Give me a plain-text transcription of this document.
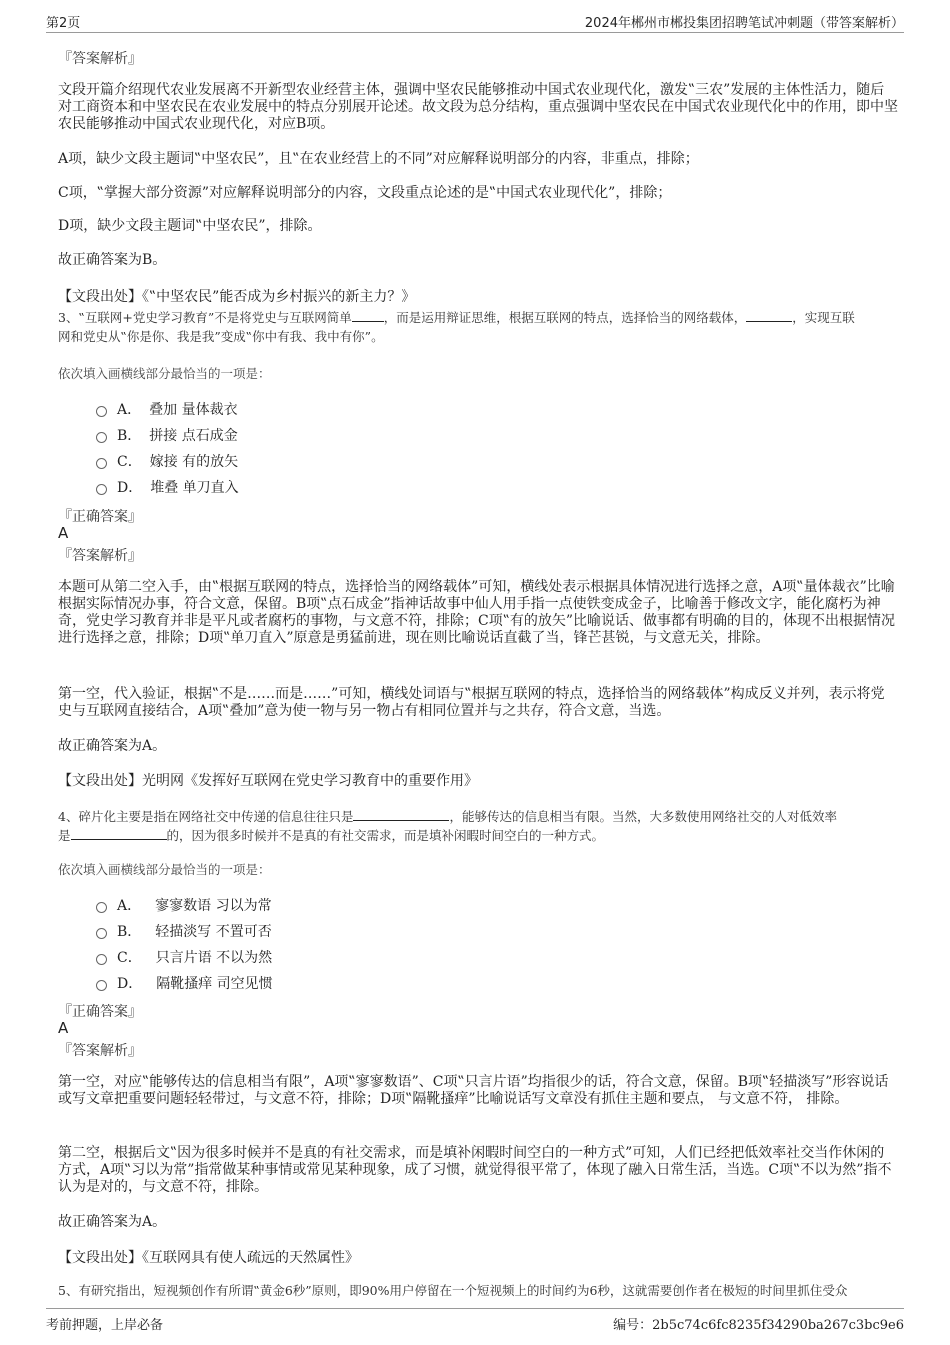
第2页	2024年郴州市郴投集团招聘笔试冲刺题（带答案解析）
『答案解析』

文段开篇介绍现代农业发展离不开新型农业经营主体，强调中坚农民能够推动中国式农业现代化，激发‟三农”发展的主体性活力，随后对工商资本和中坚农民在农业发展中的特点分别展开论述。故文段为总分结构，重点强调中坚农民在中国式农业现代化中的作用，即中坚农民能够推动中国式农业现代化，对应B项。

A项，缺少文段主题词‟中坚农民”，且‟在农业经营上的不同”对应解释说明部分的内容，非重点，排除；

C项，‟掌握大部分资源”对应解释说明部分的内容，文段重点论述的是‟中国式农业现代化”，排除；

D项，缺少文段主题词‟中坚农民”，排除。

故正确答案为B。

【文段出处】《‟中坚农民”能否成为乡村振兴的新主力？》

3、‟互联网+党史学习教育”不是将党史与互联网简单	，而是运用辩证思维，根据互联网的特点，选择恰当的网络载体，	，实现互联
网和党史从‟你是你、我是我”变成‟你中有我、我中有你”。
依次填入画横线部分最恰当的一项是：
A． 叠加 量体裁衣
B． 拼接 点石成金
C． 嫁接 有的放矢
D． 堆叠 单刀直入
『正确答案』
A
『答案解析』

本题可从第二空入手，由‟根据互联网的特点，选择恰当的网络载体”可知，横线处表示根据具体情况进行选择之意，A项‟量体裁衣”比喻根据实际情况办事，符合文意，保留。B项‟点石成金”指神话故事中仙人用手指一点使铁变成金子，比喻善于修改文字，能化腐朽为神奇，党史学习教育并非是平凡或者腐朽的事物，与文意不符，排除；C项‟有的放矢”比喻说话、做事都有明确的目的，体现不出根据情况进行选择之意，排除；D项‟单刀直入”原意是勇猛前进，现在则比喻说话直截了当，锋芒甚锐，与文意无关，排除。

第一空，代入验证，根据‟不是……而是……”可知，横线处词语与‟根据互联网的特点，选择恰当的网络载体”构成反义并列，表示将党史与互联网直接结合，A项‟叠加”意为使一物与另一物占有相同位置并与之共存，符合文意，当选。

故正确答案为A。

【文段出处】光明网《发挥好互联网在党史学习教育中的重要作用》

4、碎片化主要是指在网络社交中传递的信息往往只是	，能够传达的信息相当有限。当然，大多数使用网络社交的人对低效率
是	的，因为很多时候并不是真的有社交需求，而是填补闲暇时间空白的一种方式。
依次填入画横线部分最恰当的一项是：
A． 寥寥数语 习以为常
B． 轻描淡写 不置可否
C． 只言片语 不以为然
D． 隔靴搔痒 司空见惯
『正确答案』
A
『答案解析』

第一空，对应‟能够传达的信息相当有限”，A项‟寥寥数语”、C项‟只言片语”均指很少的话，符合文意，保留。B项‟轻描淡写”形容说话或写文章把重要问题轻轻带过，与文意不符，排除；D项‟隔靴搔痒”比喻说话写文章没有抓住主题和要点， 与文意不符， 排除。

第二空，根据后文‟因为很多时候并不是真的有社交需求，而是填补闲暇时间空白的一种方式”可知，人们已经把低效率社交当作休闲的方式，A项‟习以为常”指常做某种事情或常见某种现象，成了习惯，就觉得很平常了，体现了融入日常生活，当选。C项‟不以为然”指不认为是对的，与文意不符，排除。

故正确答案为A。

【文段出处】《互联网具有使人疏远的天然属性》

5、有研究指出，短视频创作有所谓‟黄金6秒”原则，即90%用户停留在一个短视频上的时间约为6秒，这就需要创作者在极短的时间里抓住受众
考前押题，上岸必备	编号：2b5c74c6fc8235f34290ba267c3bc9e6
